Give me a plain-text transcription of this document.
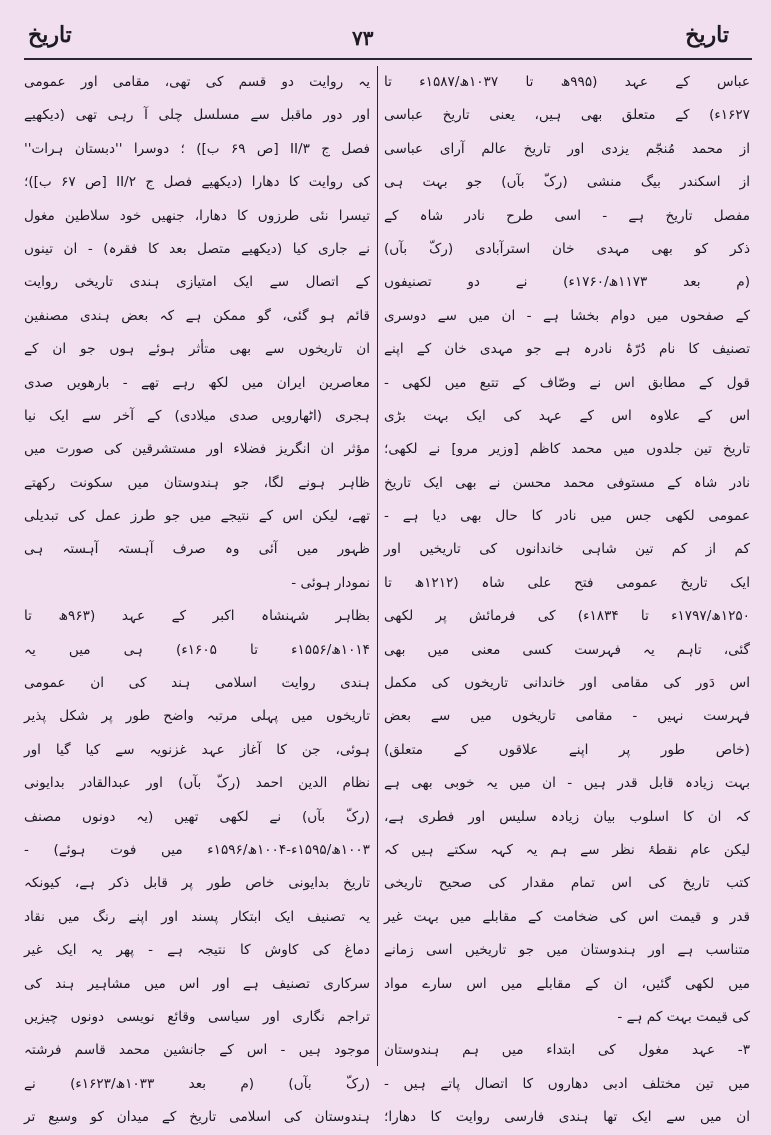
تاریخ
۷۳
تاریخ
عباس کے عہد (۹۹۵ھ تا ۱۰۳۷ھ/۱۵۸۷ء تا
۱۶۲۷ء) کے متعلق بھی ہیں، یعنی تاریخ عباسی
از محمد مُنجّم یزدی اور تاریخ عالم آرای عباسی
از اسکندر بیگ منشی (رکّ بآں) جو بہت ہی
مفصل تاریخ ہے - اسی طرح نادر شاہ کے
ذکر کو بھی مہدی خان استرآبادی (رکّ بآں)
(م بعد ۱۱۷۳ھ/۱۷۶۰ء) نے دو تصنیفوں
کے صفحوں میں دوام بخشا ہے - ان میں سے دوسری
تصنیف کا نام دُرّۂ نادرہ ہے جو مہدی خان کے اپنے
قول کے مطابق اس نے وصّاف کے تتبع میں لکھی -
اس کے علاوہ اس کے عہد کی ایک بہت بڑی
تاریخ تین جلدوں میں محمد کاظم [وزیر مرو] نے لکھی؛
نادر شاہ کے مستوفی محمد محسن نے بھی ایک تاریخ
عمومی لکھی جس میں نادر کا حال بھی دیا ہے -
کم از کم تین شاہی خاندانوں کی تاریخیں اور
ایک تاریخ عمومی فتح علی شاہ (۱۲۱۲ھ تا
۱۲۵۰ھ/۱۷۹۷ء تا ۱۸۳۴ء) کی فرمائش پر لکھی
گئی، تاہم یہ فہرست کسی معنی میں بھی
اس دَور کی مقامی اور خاندانی تاریخوں کی مکمل
فہرست نہیں - مقامی تاریخوں میں سے بعض
(خاص طور پر اپنے علاقوں کے متعلق)
بہت زیادہ قابل قدر ہیں - ان میں یہ خوبی بھی ہے
کہ ان کا اسلوب بیان زیادہ سلیس اور فطری ہے،
لیکن عام نقطۂ نظر سے ہم یہ کہہ سکتے ہیں کہ
کتب تاریخ کی اس تمام مقدار کی صحیح تاریخی
قدر و قیمت اس کی ضخامت کے مقابلے میں بہت غیر
متناسب ہے اور ہندوستان میں جو تاریخیں اسی زمانے
میں لکھی گئیں، ان کے مقابلے میں اس سارے مواد
کی قیمت بہت کم ہے -
۳- عہد مغول کی ابتداء میں ہم ہندوستان
میں تین مختلف ادبی دھاروں کا اتصال پاتے ہیں -
ان میں سے ایک تھا ہندی فارسی روایت کا دھارا؛
یہ روایت دو قسم کی تھی، مقامی اور عمومی
اور دور ماقبل سے مسلسل چلی آ رہی تھی (دیکھیے
فصل ج II/۳ [ص ۶۹ ب]) ؛ دوسرا ''دبستان ہرات''
کی روایت کا دھارا (دیکھیے فصل ج II/۲ [ص ۶۷ ب])؛
تیسرا نئی طرزوں کا دھارا، جنھیں خود سلاطین مغول
نے جاری کیا (دیکھیے متصل بعد کا فقرہ) - ان تینوں
کے اتصال سے ایک امتیازی ہندی تاریخی روایت
قائم ہو گئی، گو ممکن ہے کہ بعض ہندی مصنفین
ان تاریخوں سے بھی متأثر ہوئے ہوں جو ان کے
معاصرین ایران میں لکھ رہے تھے - بارھویں صدی
ہجری (اٹھارویں صدی میلادی) کے آخر سے ایک نیا
مؤثر ان انگریز فضلاء اور مستشرقین کی صورت میں
ظاہر ہونے لگا، جو ہندوستان میں سکونت رکھتے
تھے، لیکن اس کے نتیجے میں جو طرز عمل کی تبدیلی
ظہور میں آئی وہ صرف آہستہ آہستہ ہی
نمودار ہوئی -
بظاہر شہنشاہ اکبر کے عہد (۹۶۳ھ تا
۱۰۱۴ھ/۱۵۵۶ء تا ۱۶۰۵ء) ہی میں یہ
ہندی روایت اسلامی ہند کی ان عمومی
تاریخوں میں پہلی مرتبہ واضح طور پر شکل پذیر
ہوئی، جن کا آغاز عہد غزنویہ سے کیا گیا اور
نظام الدین احمد (رکّ بآں) اور عبدالقادر بدایونی
(رکّ بآں) نے لکھی تھیں (یہ دونوں مصنف
۱۰۰۳ھ/۱۵۹۵ء-۱۰۰۴ھ/۱۵۹۶ء میں فوت ہوئے) -
تاریخ بدایونی خاص طور پر قابل ذکر ہے، کیونکہ
یہ تصنیف ایک ابتکار پسند اور اپنے رنگ میں نقاد
دماغ کی کاوش کا نتیجہ ہے - پھر یہ ایک غیر
سرکاری تصنیف ہے اور اس میں مشاہیر ہند کی
تراجم نگاری اور سیاسی وقائع نویسی دونوں چیزیں
موجود ہیں - اس کے جانشین محمد قاسم فرشتہ
(رکّ بآں) (م بعد ۱۰۳۳ھ/۱۶۲۳ء) نے
ہندوستان کی اسلامی تاریخ کے میدان کو وسیع تر
